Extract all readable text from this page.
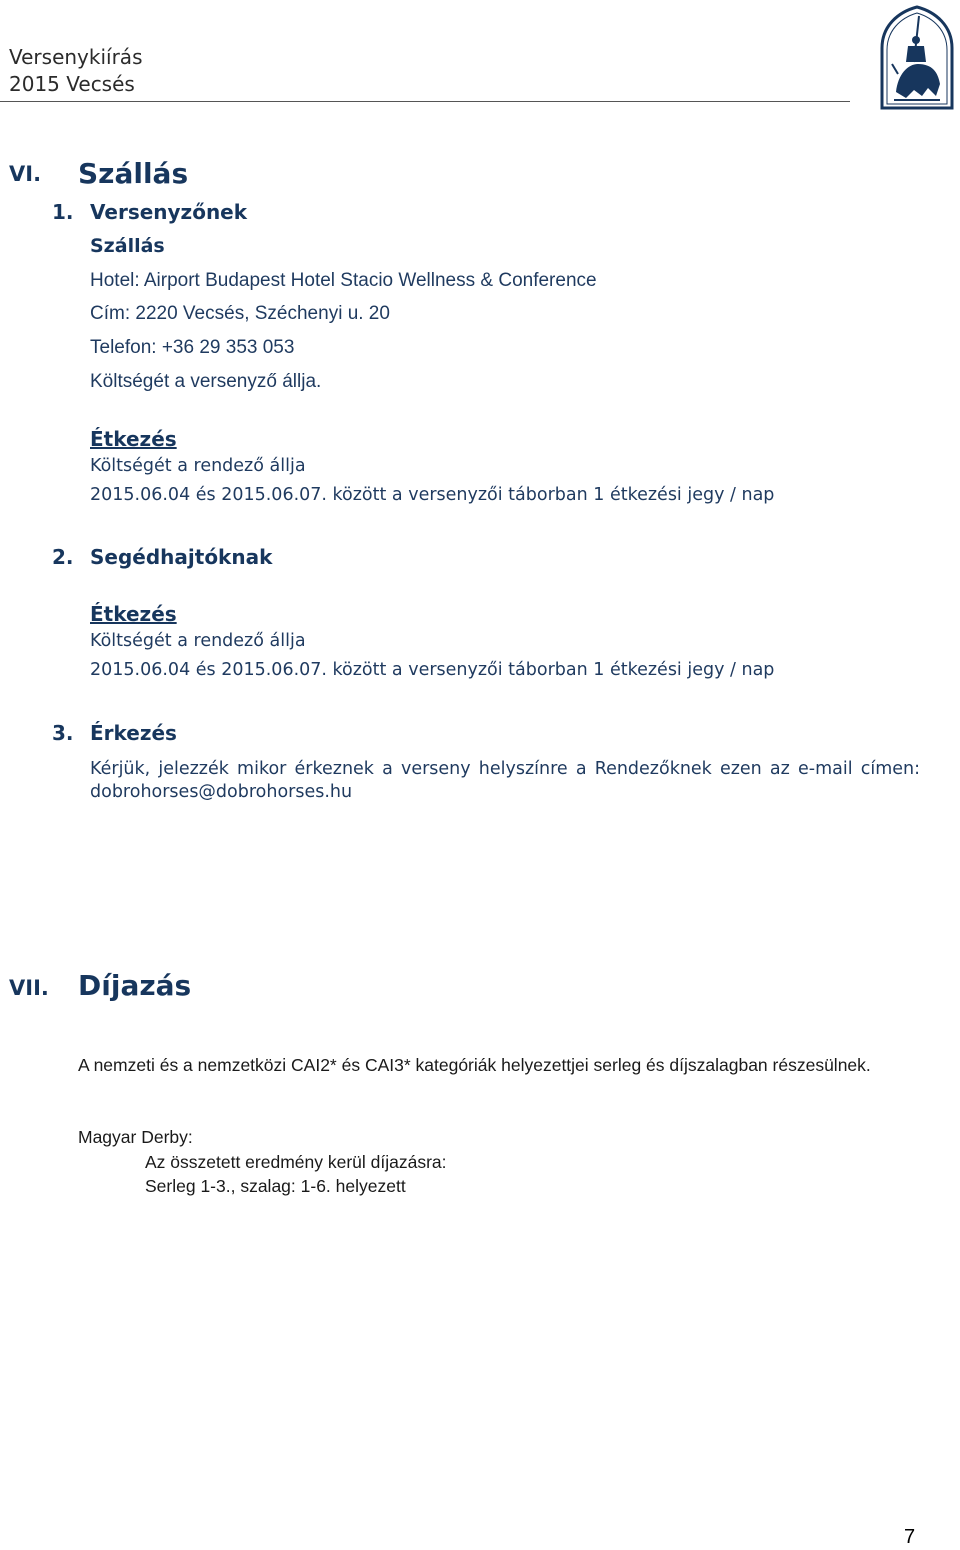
Versenykiírás
2015 Vecsés
VI. Szállás
1. Versenyzőnek
Szállás
Hotel: Airport Budapest Hotel Stacio Wellness & Conference
Cím: 2220 Vecsés, Széchenyi u. 20
Telefon: +36 29 353 053
Költségét a versenyző állja.
Étkezés
Költségét a rendező állja
2015.06.04 és 2015.06.07. között a versenyzői táborban 1 étkezési jegy / nap
2. Segédhajtóknak
Étkezés
Költségét a rendező állja
2015.06.04 és 2015.06.07. között a versenyzői táborban 1 étkezési jegy / nap
3. Érkezés
Kérjük, jelezzék mikor érkeznek a verseny helyszínre a Rendezőknek ezen az e-mail címen: dobrohorses@dobrohorses.hu
VII. Díjazás
A nemzeti és a nemzetközi CAI2* és CAI3* kategóriák helyezettjei serleg és díjszalagban részesülnek.
Magyar Derby:
Az összetett eredmény kerül díjazásra:
Serleg 1-3., szalag: 1-6. helyezett
7
